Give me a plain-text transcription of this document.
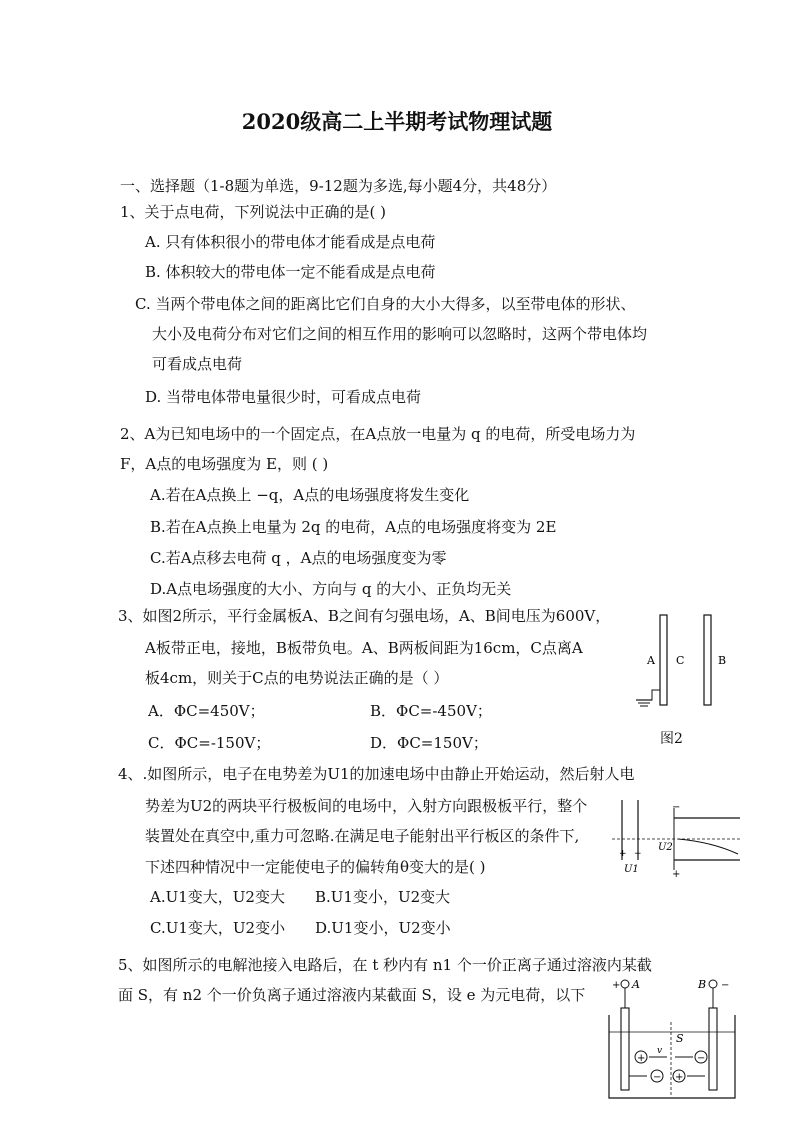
2020级高二上半期考试物理试题
一、选择题（1-8题为单选，9-12题为多选,每小题4分，共48分）
1、关于点电荷，下列说法中正确的是( )
A. 只有体积很小的带电体才能看成是点电荷
B. 体积较大的带电体一定不能看成是点电荷
C. 当两个带电体之间的距离比它们自身的大小大得多，以至带电体的形状、
大小及电荷分布对它们之间的相互作用的影响可以忽略时，这两个带电体均
可看成点电荷
D. 当带电体带电量很少时，可看成点电荷
2、A为已知电场中的一个固定点，在A点放一电量为 q 的电荷，所受电场力为
F，A点的电场强度为 E，则 ( )
A.若在A点换上 −q，A点的电场强度将发生变化
B.若在A点换上电量为 2q 的电荷，A点的电场强度将变为 2E
C.若A点移去电荷 q ，A点的电场强度变为零
D.A点电场强度的大小、方向与 q 的大小、正负均无关
3、如图2所示，平行金属板A、B之间有匀强电场，A、B间电压为600V，
A板带正电，接地，B板带负电。A、B两板间距为16cm，C点离A
板4cm，则关于C点的电势说法正确的是（ ）
A．ΦC=450V；	B．ΦC=-450V；
C．ΦC=-150V；	D．ΦC=150V；
A C	B
图2
4、.如图所示，电子在电势差为U1的加速电场中由静止开始运动，然后射人电
势差为U2的两块平行极板间的电场中，入射方向跟极板平行，整个
装置处在真空中,重力可忽略.在满足电子能射出平行板区的条件下,
下述四种情况中一定能使电子的偏转角θ变大的是( )
A.U1变大，U2变大 B.U1变小，U2变大
C.U1变大，U2变小 D.U1变小，U2变小
−
+
+ −
U2
U1
5、如图所示的电解池接入电路后，在 t 秒内有 n1 个一价正离子通过溶液内某截
面 S，有 n2 个一价负离子通过溶液内某截面 S，设 e 为元电荷，以下
+ A	B −
S
+
v
−
− +
